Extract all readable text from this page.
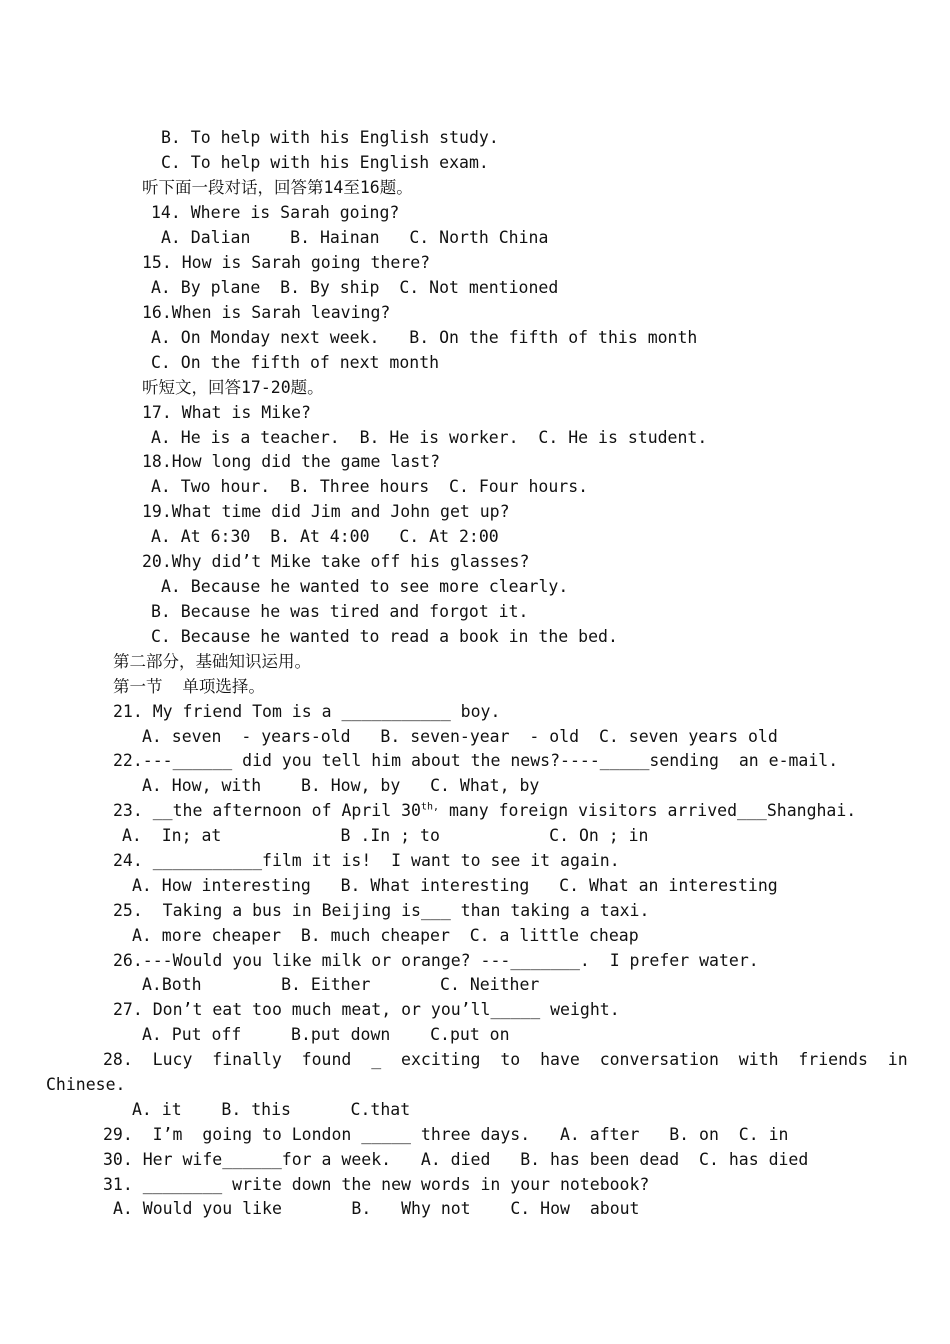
B. To help with his English study.
C. To help with his English exam.
听下面一段对话，回答第14至16题。
14. Where is Sarah going?
A. Dalian    B. Hainan   C. North China
15. How is Sarah going there?
A. By plane  B. By ship  C. Not mentioned
16.When is Sarah leaving?
A. On Monday next week.   B. On the fifth of this month
C. On the fifth of next month
听短文，回答17-20题。
17. What is Mike?
A. He is a teacher.  B. He is worker.  C. He is student.
18.How long did the game last?
A. Two hour.  B. Three hours  C. Four hours.
19.What time did Jim and John get up?
A. At 6:30  B. At 4:00   C. At 2:00
20.Why did’t Mike take off his glasses?
A. Because he wanted to see more clearly.
B. Because he was tired and forgot it.
C. Because he wanted to read a book in the bed.
第二部分，基础知识运用。
第一节  单项选择。
21. My friend Tom is a ___________ boy.
A. seven  - years-old   B. seven-year  - old  C. seven years old
22.---______ did you tell him about the news?----_____sending  an e-mail.
A. How, with    B. How, by   C. What, by
23. __the afternoon of April $30^{th,}$ many foreign visitors arrived___Shanghai.
A.  In; at            B .In ; to           C. On ; in
24. ___________film it is!  I want to see it again.
A. How interesting   B. What interesting   C. What an interesting
25.  Taking a bus in Beijing is___ than taking a taxi.
A. more cheaper  B. much cheaper  C. a little cheap
26.---Would you like milk or orange? ---_______.  I prefer water.
A.Both        B. Either       C. Neither
27. Don’t eat too much meat, or you’ll_____ weight.
A. Put off     B.put down    C.put on
28.  Lucy  finally  found  _  exciting  to  have  conversation  with  friends  in
Chinese.
A. it    B. this      C.that
29.  I’m  going to London _____ three days.   A. after   B. on  C. in
30. Her wife______for a week.   A. died   B. has been dead  C. has died
31. ________ write down the new words in your notebook?
A. Would you like       B.   Why not    C. How  about
